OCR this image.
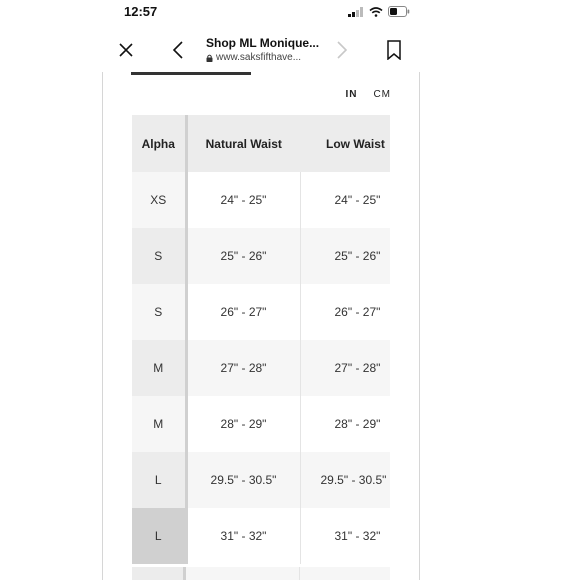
12:57
Shop ML Monique...
www.saksfifthave...
IN CM
Alpha	Natural Waist	Low Waist
XS	24" - 25"	24" - 25"
S	25" - 26"	25" - 26"
S	26" - 27"	26" - 27"
M	27" - 28"	27" - 28"
M	28" - 29"	28" - 29"
L	29.5" - 30.5"	29.5" - 30.5"
L	31" - 32"	31" - 32"
